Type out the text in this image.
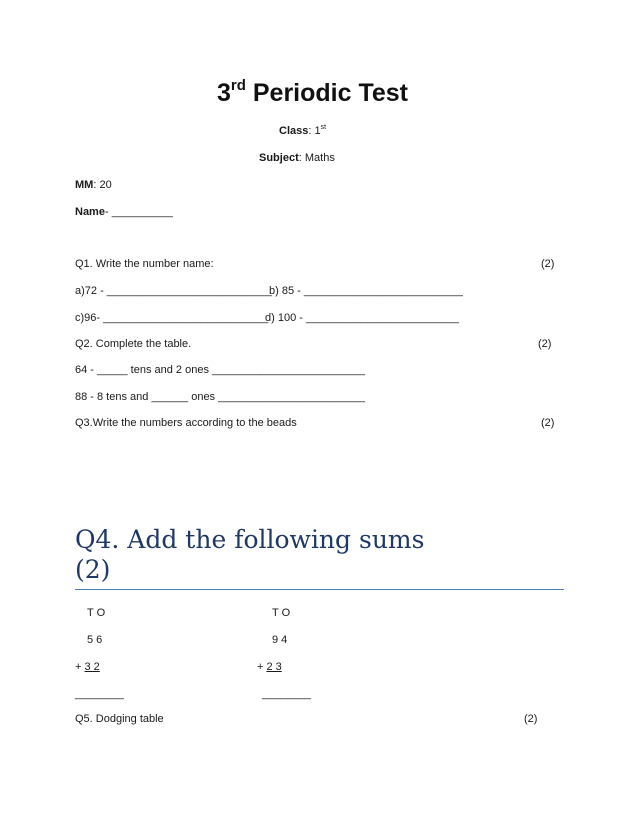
3rd Periodic Test
Class: 1st
Subject: Maths
MM: 20
Name- __________
Q1. Write the number name:	(2)
a)72 - ___________________________
b) 85 - __________________________
c)96- ___________________________
d) 100 - _________________________
Q2. Complete the table.	(2)
64 - _____ tens and 2 ones _________________________
88 - 8 tens and ______ ones ________________________
Q3.Write the numbers according to the beads	(2)
Q4. Add the following sums (2)
T O
5 6
+ 3 2
________
T O
9 4
+ 2 3
________
Q5. Dodging table	(2)
